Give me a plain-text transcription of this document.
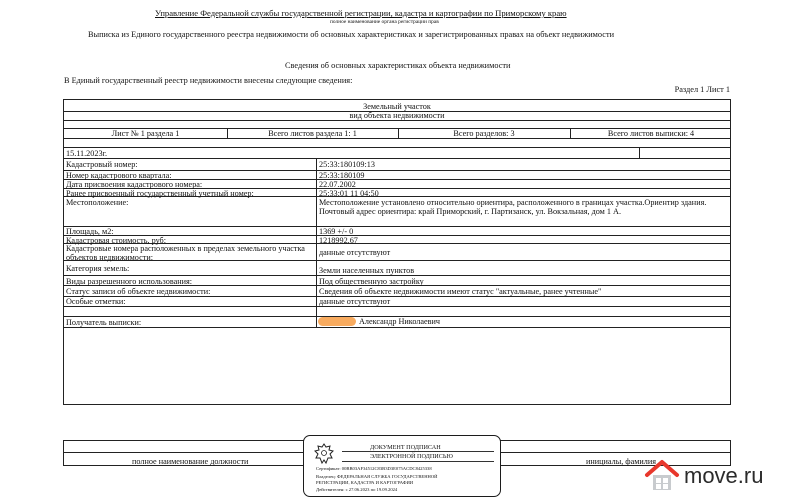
Управление Федеральной службы государственной регистрации, кадастра и картографии по Приморскому краю
полное наименование органа регистрации прав
Выписка из Единого государственного реестра недвижимости об основных характеристиках и зарегистрированных правах на объект недвижимости
Сведения об основных характеристиках объекта недвижимости
В Единый государственный реестр недвижимости внесены следующие сведения:
Раздел 1 Лист 1
Земельный участок
вид объекта недвижимости
Лист № 1 раздела 1	Всего листов раздела 1: 1	Всего разделов: 3	Всего листов выписки: 4
15.11.2023г.
Кадастровый номер:	25:33:180109:13
Номер кадастрового квартала:	25:33:180109
Дата присвоения кадастрового номера:	22.07.2002
Ранее присвоенный государственный учетный номер:	25:33:01 11 04:50
Местоположение:	Местоположение установлено относительно ориентира, расположенного в границах участка.Ориентир здания. Почтовый адрес ориентира: край Приморский, г. Партизанск, ул. Вокзальная, дом 1 А.
Площадь, м2:	1369 +/- 0
Кадастровая стоимость, руб:	1218992.67
Кадастровые номера расположенных в пределах земельного участка объектов недвижимости:
данные отсутствуют
Категория земель:	Земли населенных пунктов
Виды разрешенного использования:	Под общественную застройку
Статус записи об объекте недвижимости:	Сведения об объекте недвижимости имеют статус "актуальные, ранее учтенные"
Особые отметки:	данные отсутствуют
Получатель выписки:	Александр Николаевич
полное наименование должности	инициалы, фамилия
ДОКУМЕНТ ПОДПИСАН
ЭЛЕКТРОННОЙ ПОДПИСЬЮ
Сертификат: 00BB03AF34512C83B3D3E075ACDC8425338
Владелец: ФЕДЕРАЛЬНАЯ СЛУЖБА ГОСУДАРСТВЕННОЙ
РЕГИСТРАЦИИ, КАДАСТРА И КАРТОГРАФИИ
Действителен: с 27.06.2023 по 19.09.2024
move.ru
